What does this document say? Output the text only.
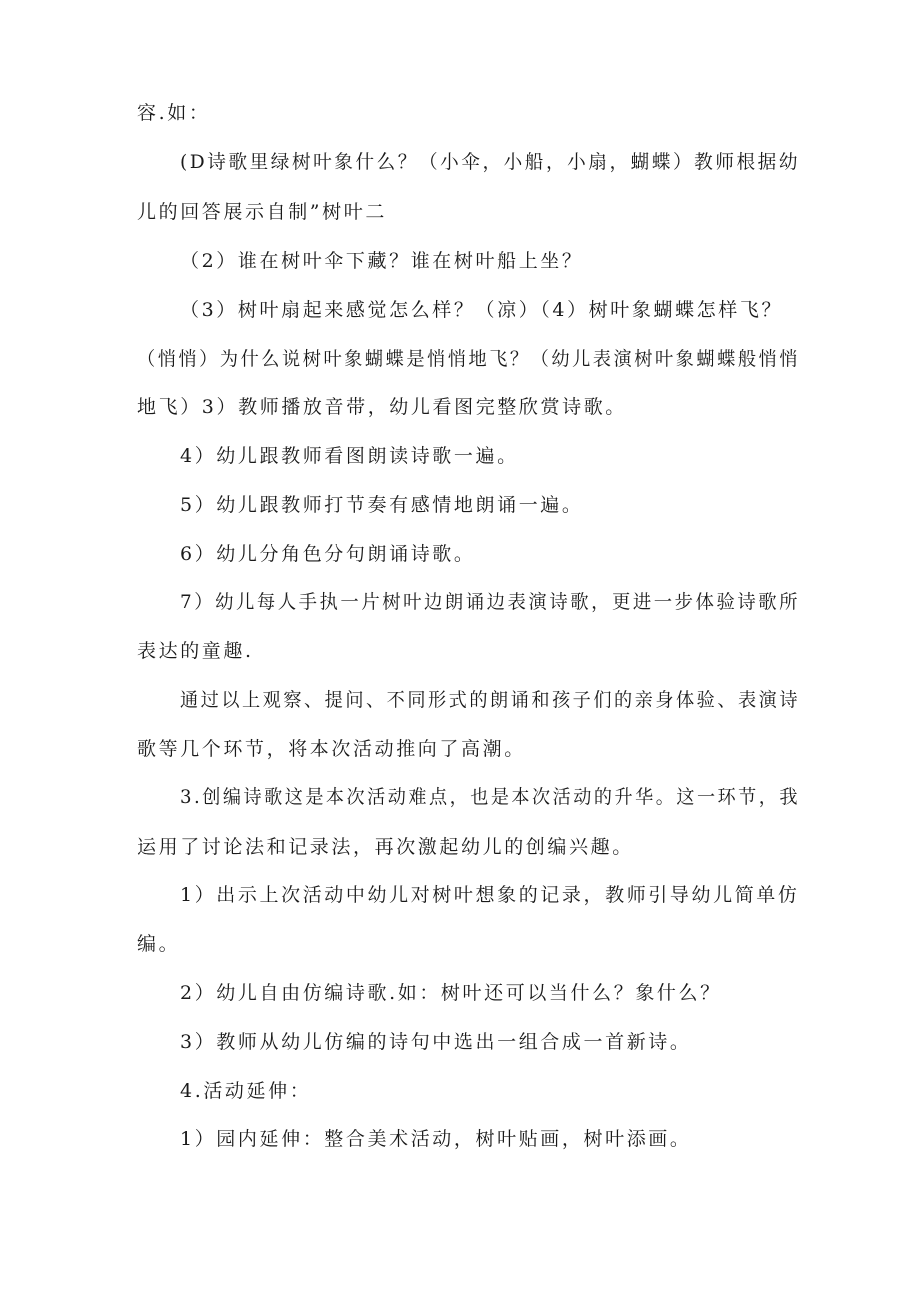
容.如：
(D诗歌里绿树叶象什么？（小伞，小船，小扇，蝴蝶）教师根据幼
儿的回答展示自制”树叶二
（2）谁在树叶伞下藏？谁在树叶船上坐？
（3）树叶扇起来感觉怎么样？（凉）（4）树叶象蝴蝶怎样飞？
（悄悄）为什么说树叶象蝴蝶是悄悄地飞？（幼儿表演树叶象蝴蝶般悄悄
地飞）3）教师播放音带，幼儿看图完整欣赏诗歌。
4）幼儿跟教师看图朗读诗歌一遍。
5）幼儿跟教师打节奏有感情地朗诵一遍。
6）幼儿分角色分句朗诵诗歌。
7）幼儿每人手执一片树叶边朗诵边表演诗歌，更进一步体验诗歌所
表达的童趣.
通过以上观察、提问、不同形式的朗诵和孩子们的亲身体验、表演诗
歌等几个环节，将本次活动推向了高潮。
3.创编诗歌这是本次活动难点，也是本次活动的升华。这一环节，我
运用了讨论法和记录法，再次激起幼儿的创编兴趣。
1）出示上次活动中幼儿对树叶想象的记录，教师引导幼儿简单仿
编。
2）幼儿自由仿编诗歌.如：树叶还可以当什么？象什么？
3）教师从幼儿仿编的诗句中选出一组合成一首新诗。
4.活动延伸：
1）园内延伸：整合美术活动，树叶贴画，树叶添画。
